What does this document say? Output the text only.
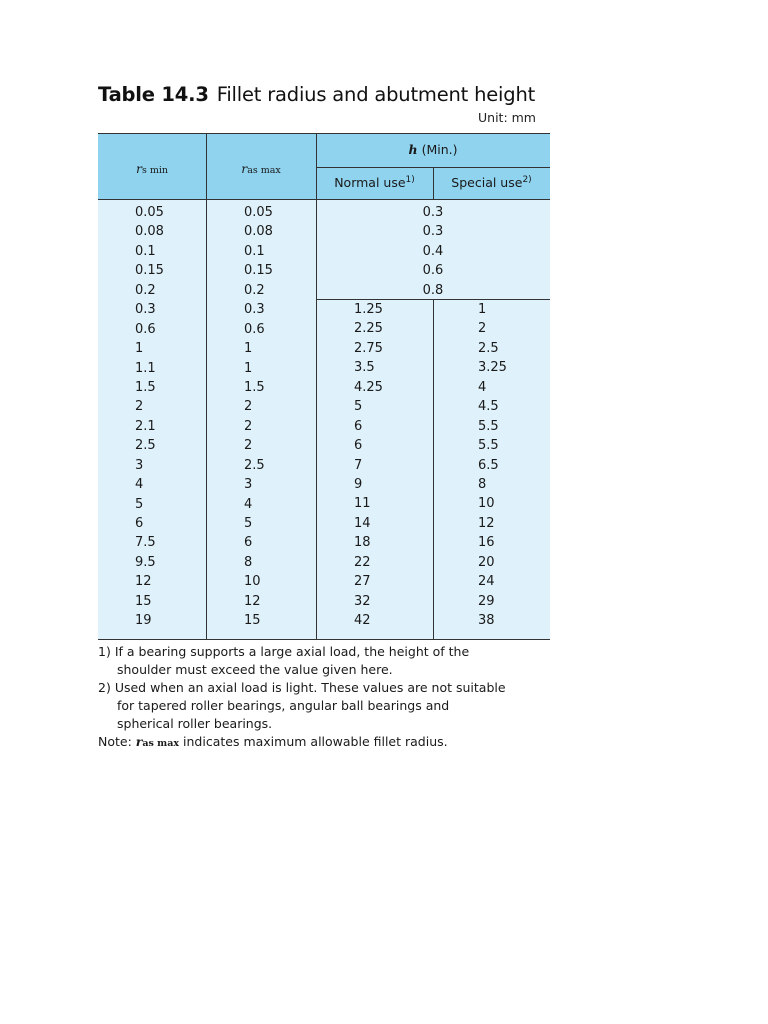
Table 14.3 Fillet radius and abutment height
Unit: mm
rs min	ras max
h (Min.)
Normal use$^{1)}$	Special use$^{2)}$
0.05
0.08
0.1
0.15
0.2
0.3
0.6
1
1.1
1.5
2
2.1
2.5
3
4
5
6
7.5
9.5
12
15
19
0.05
0.08
0.1
0.15
0.2
0.3
0.6
1
1
1.5
2
2
2
2.5
3
4
5
6
8
10
12
15
0.3
0.3
0.4
0.6
0.8
1.25
2.25
2.75
3.5
4.25
5
6
6
7
9
11
14
18
22
27
32
42
1
2
2.5
3.25
4
4.5
5.5
5.5
6.5
8
10
12
16
20
24
29
38
1) If a bearing supports a large axial load, the height of the
shoulder must exceed the value given here.
2) Used when an axial load is light. These values are not suitable
for tapered roller bearings, angular ball bearings and
spherical roller bearings.
Note: ras max indicates maximum allowable fillet radius.
